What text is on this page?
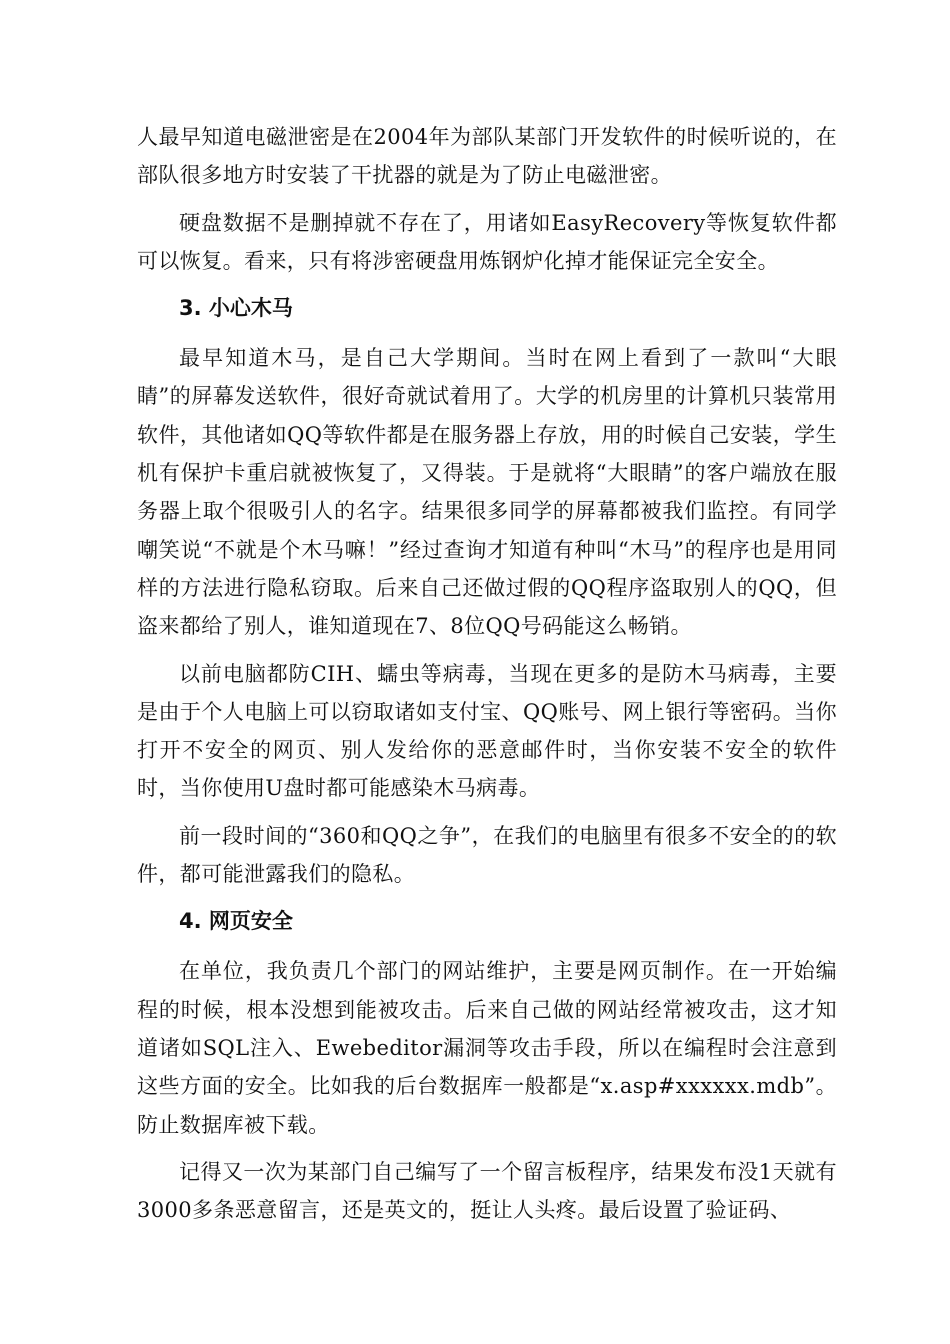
人最早知道电磁泄密是在2004年为部队某部门开发软件的时候听说的，在部队很多地方时安装了干扰器的就是为了防止电磁泄密。

硬盘数据不是删掉就不存在了，用诸如EasyRecovery等恢复软件都可以恢复。看来，只有将涉密硬盘用炼钢炉化掉才能保证完全安全。

3. 小心木马

最早知道木马，是自己大学期间。当时在网上看到了一款叫“大眼睛”的屏幕发送软件，很好奇就试着用了。大学的机房里的计算机只装常用软件，其他诸如QQ等软件都是在服务器上存放，用的时候自己安装，学生机有保护卡重启就被恢复了，又得装。于是就将“大眼睛”的客户端放在服务器上取个很吸引人的名字。结果很多同学的屏幕都被我们监控。有同学嘲笑说“不就是个木马嘛！”经过查询才知道有种叫“木马”的程序也是用同样的方法进行隐私窃取。后来自己还做过假的QQ程序盗取别人的QQ，但盗来都给了别人，谁知道现在7、8位QQ号码能这么畅销。

以前电脑都防CIH、蠕虫等病毒，当现在更多的是防木马病毒，主要是由于个人电脑上可以窃取诸如支付宝、QQ账号、网上银行等密码。当你打开不安全的网页、别人发给你的恶意邮件时，当你安装不安全的软件时，当你使用U盘时都可能感染木马病毒。

前一段时间的“360和QQ之争”，在我们的电脑里有很多不安全的的软件，都可能泄露我们的隐私。

4. 网页安全

在单位，我负责几个部门的网站维护，主要是网页制作。在一开始编程的时候，根本没想到能被攻击。后来自己做的网站经常被攻击，这才知道诸如SQL注入、Ewebeditor漏洞等攻击手段，所以在编程时会注意到这些方面的安全。比如我的后台数据库一般都是“x.asp#xxxxxx.mdb”。防止数据库被下载。

记得又一次为某部门自己编写了一个留言板程序，结果发布没1天就有3000多条恶意留言，还是英文的，挺让人头疼。最后设置了验证码、
